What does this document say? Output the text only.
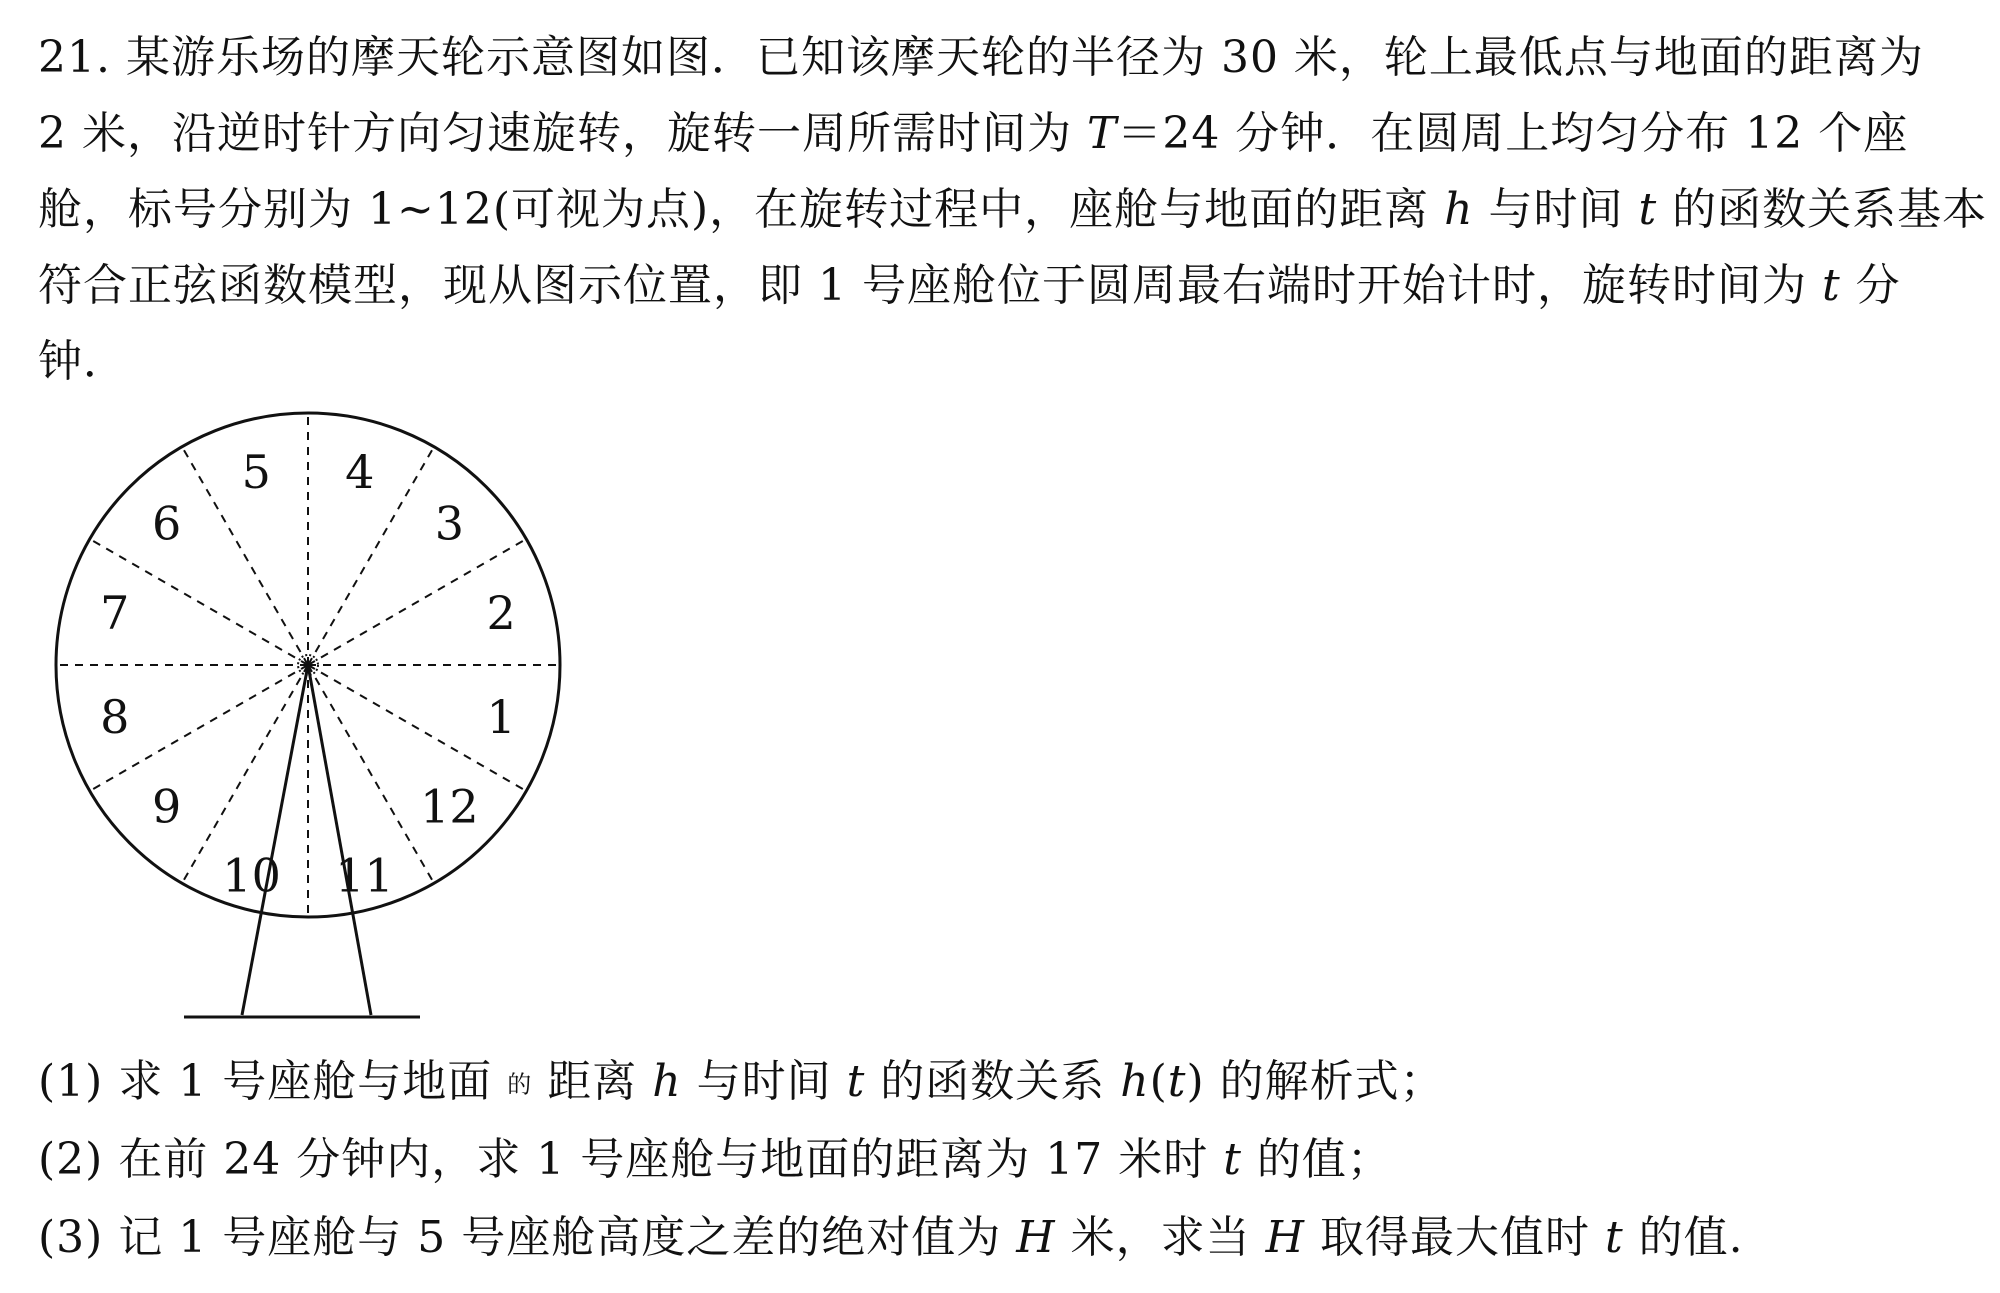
21. 某游乐场的摩天轮示意图如图．已知该摩天轮的半径为 30 米，轮上最低点与地面的距离为
2 米，沿逆时针方向匀速旋转，旋转一周所需时间为 T＝24 分钟．在圆周上均匀分布 12 个座
舱，标号分别为 1~12(可视为点)，在旋转过程中，座舱与地面的距离 h 与时间 t 的函数关系基本
符合正弦函数模型，现从图示位置，即 1 号座舱位于圆周最右端时开始计时，旋转时间为 t 分
钟．
1
2
3
4
5
6
7
8
9
10 11
12
(1) 求 1 号座舱与地面 的 距离 h 与时间 t 的函数关系 h(t) 的解析式；
(2) 在前 24 分钟内，求 1 号座舱与地面的距离为 17 米时 t 的值；
(3) 记 1 号座舱与 5 号座舱高度之差的绝对值为 H 米，求当 H 取得最大值时 t 的值.
